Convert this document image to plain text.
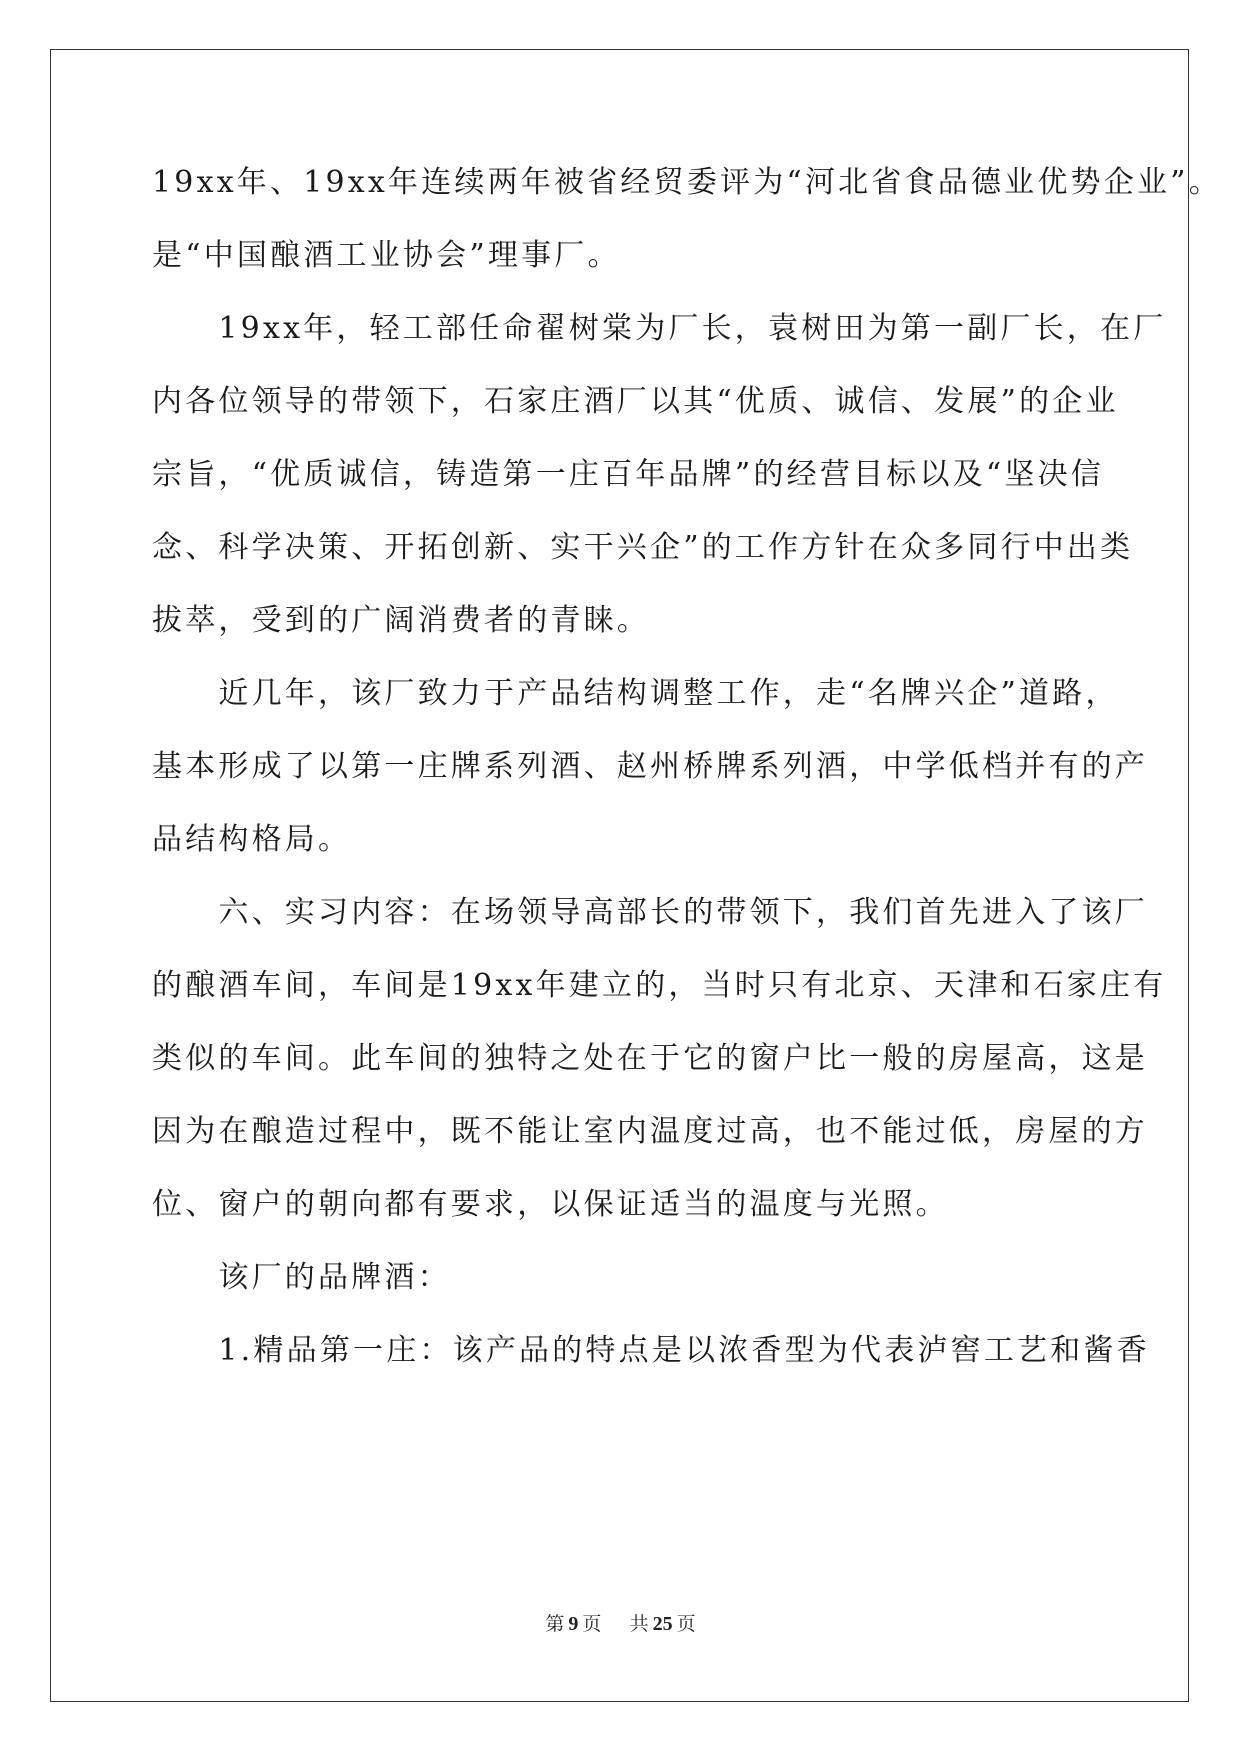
19xx年、19xx年连续两年被省经贸委评为“河北省食品德业优势企业”。
是“中国酿酒工业协会”理事厂。
　　19xx年，轻工部任命翟树棠为厂长，袁树田为第一副厂长，在厂
内各位领导的带领下，石家庄酒厂以其“优质、诚信、发展”的企业
宗旨，“优质诚信，铸造第一庄百年品牌”的经营目标以及“坚决信
念、科学决策、开拓创新、实干兴企”的工作方针在众多同行中出类
拔萃，受到的广阔消费者的青睐。
　　近几年，该厂致力于产品结构调整工作，走“名牌兴企”道路，
基本形成了以第一庄牌系列酒、赵州桥牌系列酒，中学低档并有的产
品结构格局。
　　六、实习内容：在场领导高部长的带领下，我们首先进入了该厂
的酿酒车间，车间是19xx年建立的，当时只有北京、天津和石家庄有
类似的车间。此车间的独特之处在于它的窗户比一般的房屋高，这是
因为在酿造过程中，既不能让室内温度过高，也不能过低，房屋的方
位、窗户的朝向都有要求，以保证适当的温度与光照。
　　该厂的品牌酒：
　　1.精品第一庄：该产品的特点是以浓香型为代表泸窖工艺和酱香
第 9 页 共 25 页
